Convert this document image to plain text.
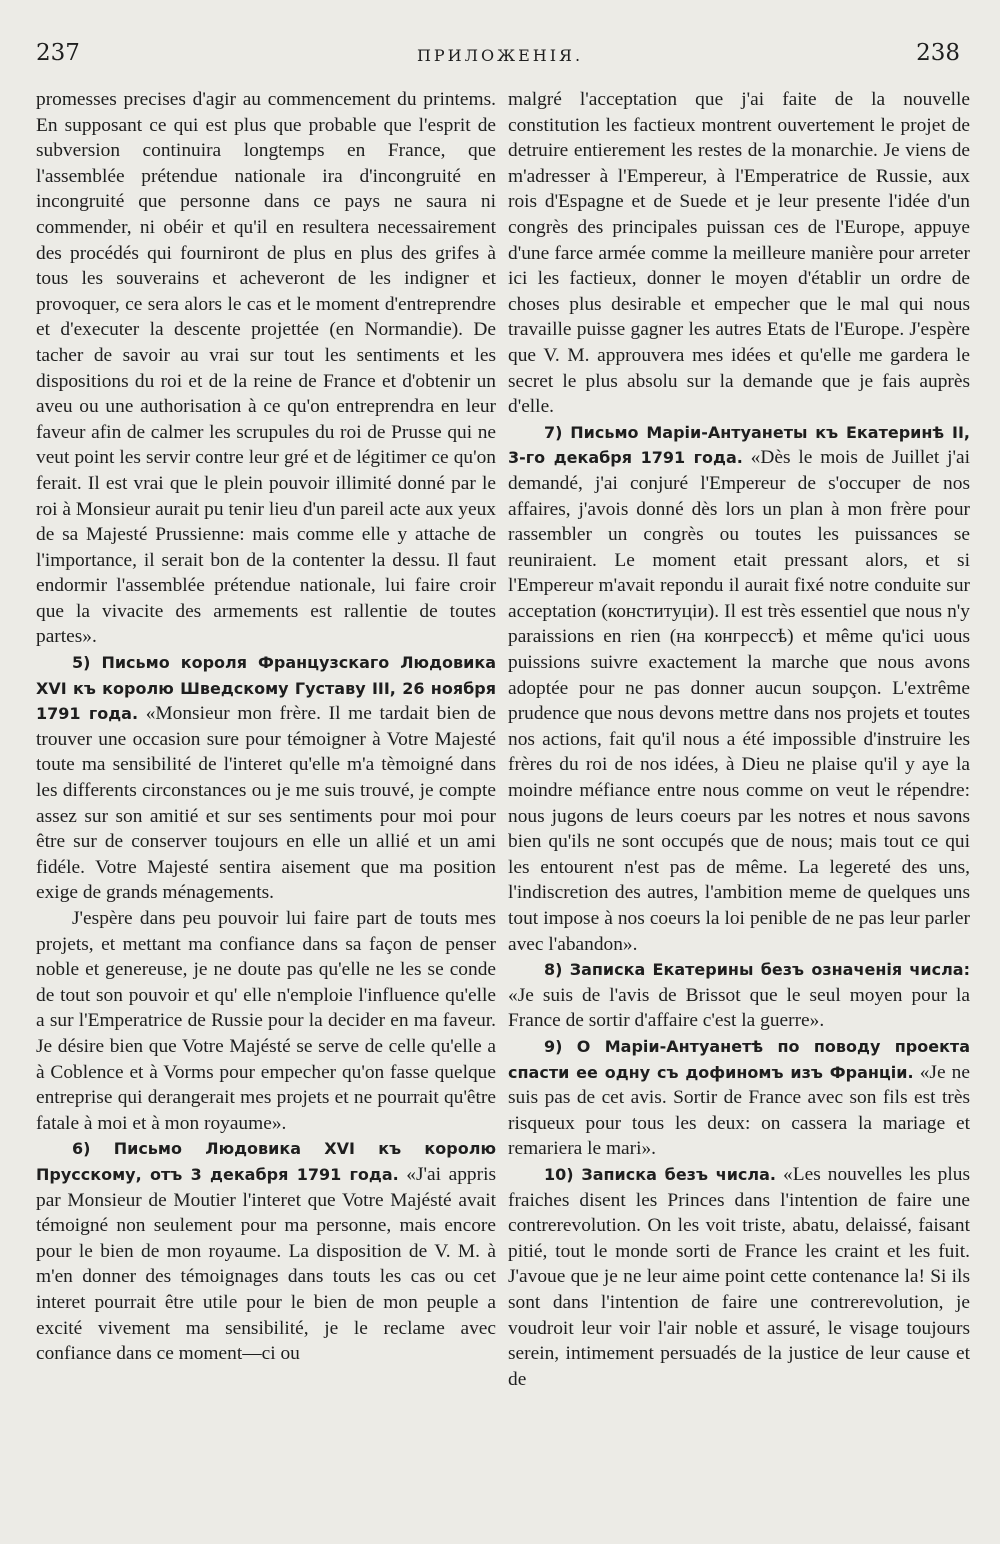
237	ПРИЛОЖЕНІЯ.	238

promesses precises d'agir au commencement du printems. En supposant ce qui est plus que probable que l'esprit de subversion continuira longtemps en France, que l'assemblée prétendue nationale ira d'incongruité en incongruité que personne dans ce pays ne saura ni commender, ni obéir et qu'il en resultera necessairement des procédés qui fourniront de plus en plus des grifes à tous les souverains et acheveront de les indigner et provoquer, ce sera alors le cas et le moment d'entreprendre et d'executer la descente projettée (en Normandie). De tacher de savoir au vrai sur tout les sentiments et les dispositions du roi et de la reine de France et d'obtenir un aveu ou une authorisation à ce qu'on entreprendra en leur faveur afin de calmer les scrupules du roi de Prusse qui ne veut point les servir contre leur gré et de légitimer ce qu'on ferait. Il est vrai que le plein pouvoir illimité donné par le roi à Monsieur aurait pu tenir lieu d'un pareil acte aux yeux de sa Majesté Prussienne: mais comme elle y attache de l'importance, il serait bon de la contenter la dessu. Il faut endormir l'assemblée prétendue nationale, lui faire croir que la vivacite des armements est rallentie de toutes partes».

5) Письмо короля Французскаго Людовика XVI къ королю Шведскому Густаву III, 26 ноября 1791 года. «Monsieur mon frère. Il me tardait bien de trouver une occasion sure pour témoigner à Votre Majesté toute ma sensibilité de l'interet qu'elle m'a tèmoigné dans les differents circonstances ou je me suis trouvé, je compte assez sur son amitié et sur ses sentiments pour moi pour être sur de conserver toujours en elle un allié et un ami fidéle. Votre Majesté sentira aisement que ma position exige de grands ménagements.

J'espère dans peu pouvoir lui faire part de touts mes projets, et mettant ma confiance dans sa façon de penser noble et genereuse, je ne doute pas qu'elle ne les se conde de tout son pouvoir et qu' elle n'emploie l'influence qu'elle a sur l'Emperatrice de Russie pour la decider en ma faveur. Je désire bien que Votre Majésté se serve de celle qu'elle a à Coblence et à Vorms pour empecher qu'on fasse quelque entreprise qui derangerait mes projets et ne pourrait qu'être fatale à moi et à mon royaume».

6) Письмо Людовика XVI къ королю Прусскому, отъ 3 декабря 1791 года. «J'ai appris par Monsieur de Moutier l'interet que Votre Majésté avait témoigné non seulement pour ma personne, mais encore pour le bien de mon royaume. La disposition de V. M. à m'en donner des témoignages dans touts les cas ou cet interet pourrait être utile pour le bien de mon peuple a excité vivement ma sensibilité, je le reclame avec confiance dans ce moment—ci ou

malgré l'acceptation que j'ai faite de la nouvelle constitution les factieux montrent ouvertement le projet de detruire entierement les restes de la monarchie. Je viens de m'adresser à l'Empereur, à l'Emperatrice de Russie, aux rois d'Espagne et de Suede et je leur presente l'idée d'un congrès des principales puissan ces de l'Europe, appuye d'une farce armée comme la meilleure manière pour arreter ici les factieux, donner le moyen d'établir un ordre de choses plus desirable et empecher que le mal qui nous travaille puisse gagner les autres Etats de l'Europe. J'espère que V. M. approuvera mes idées et qu'elle me gardera le secret le plus absolu sur la demande que je fais auprès d'elle.

7) Письмо Маріи-Антуанеты къ Екатеринѣ II, 3-го декабря 1791 года. «Dès le mois de Juillet j'ai demandé, j'ai conjuré l'Empereur de s'occuper de nos affaires, j'avois donné dès lors un plan à mon frère pour rassembler un congrès ou toutes les puissances se reuniraient. Le moment etait pressant alors, et si l'Empereur m'avait repondu il aurait fixé notre conduite sur acceptation (конституціи). Il est très essentiel que nous n'y paraissions en rien (на конгрессѣ) et même qu'ici uous puissions suivre exactement la marche que nous avons adoptée pour ne pas donner aucun soupçon. L'extrême prudence que nous devons mettre dans nos projets et toutes nos actions, fait qu'il nous a été impossible d'instruire les frères du roi de nos idées, à Dieu ne plaise qu'il y aye la moindre méfiance entre nous comme on veut le répendre: nous jugons de leurs coeurs par les notres et nous savons bien qu'ils ne sont occupés que de nous; mais tout ce qui les entourent n'est pas de même. La legereté des uns, l'indiscretion des autres, l'ambition meme de quelques uns tout impose à nos coeurs la loi penible de ne pas leur parler avec l'abandon».

8) Записка Екатерины безъ означенія числа: «Je suis de l'avis de Brissot que le seul moyen pour la France de sortir d'affaire c'est la guerre».

9) О Маріи-Антуанетѣ по поводу проекта спасти ее одну съ дофиномъ изъ Франціи. «Je ne suis pas de cet avis. Sortir de France avec son fils est très risqueux pour tous les deux: on cassera la mariage et remariera le mari».

10) Записка безъ числа. «Les nouvelles les plus fraiches disent les Princes dans l'intention de faire une contrerevolution. On les voit triste, abatu, delaissé, faisant pitié, tout le monde sorti de France les craint et les fuit. J'avoue que je ne leur aime point cette contenance la! Si ils sont dans l'intention de faire une contrerevolution, je voudroit leur voir l'air noble et assuré, le visage toujours serein, intimement persuadés de la justice de leur cause et de
